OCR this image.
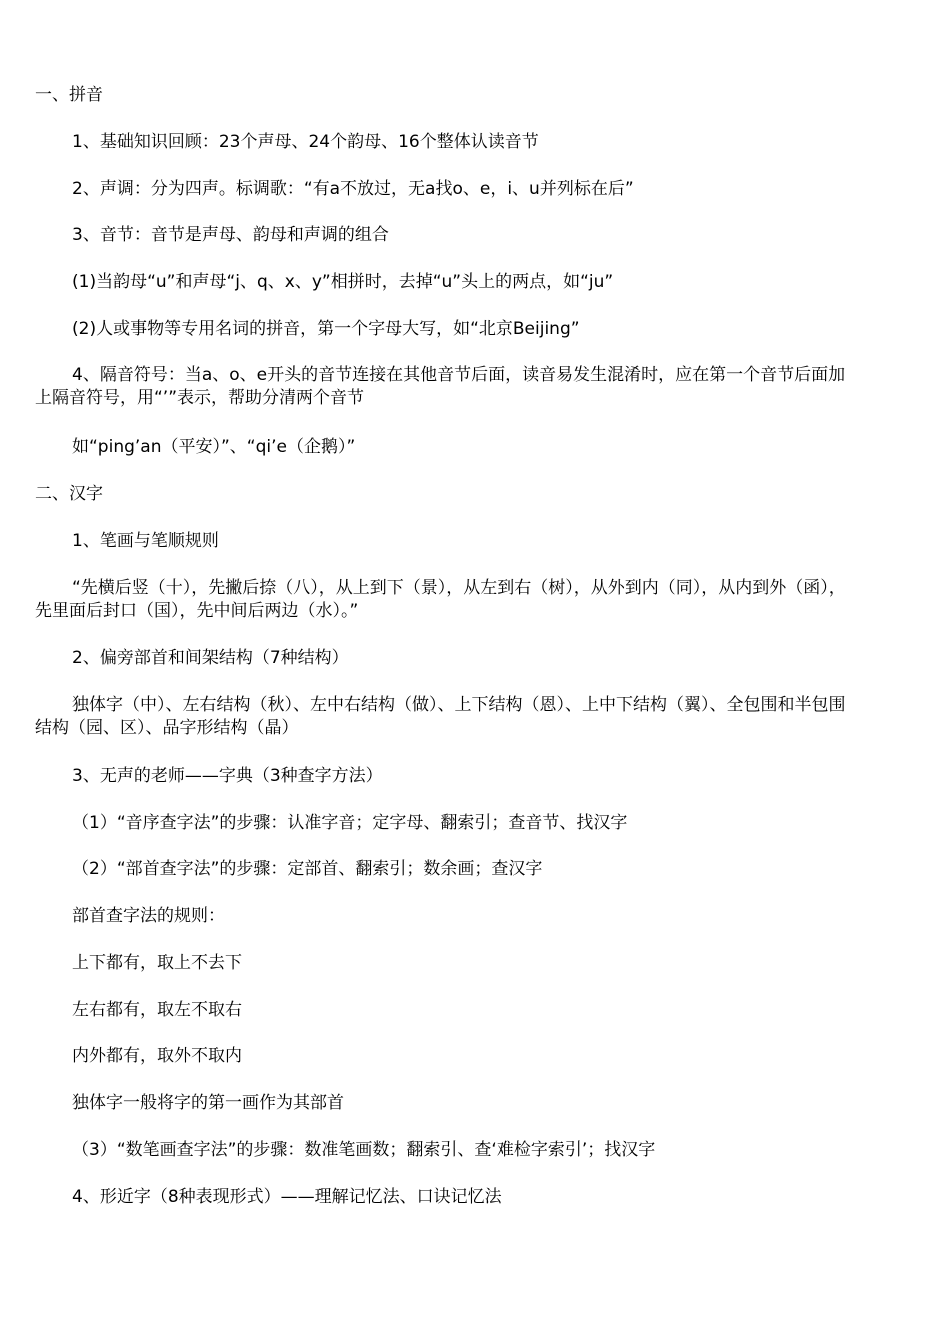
一、拼音
1、基础知识回顾：23个声母、24个韵母、16个整体认读音节
2、声调：分为四声。标调歌：“有a不放过，无a找o、e，i、u并列标在后”
3、音节：音节是声母、韵母和声调的组合
(1)当韵母“u”和声母“j、q、x、y”相拼时，去掉“u”头上的两点，如“ju”
(2)人或事物等专用名词的拼音，第一个字母大写，如“北京Beijing”
4、隔音符号：当a、o、e开头的音节连接在其他音节后面，读音易发生混淆时，应在第一个音节后面加上隔音符号，用“’”表示，帮助分清两个音节
如“ping’an（平安）”、“qi’e（企鹅）”
二、汉字
1、笔画与笔顺规则
“先横后竖（十），先撇后捺（八），从上到下（景），从左到右（树），从外到内（同），从内到外（函），先里面后封口（国），先中间后两边（水）。”
2、偏旁部首和间架结构（7种结构）
独体字（中）、左右结构（秋）、左中右结构（做）、上下结构（恩）、上中下结构（翼）、全包围和半包围结构（园、区）、品字形结构（晶）
3、无声的老师——字典（3种查字方法）
（1）“音序查字法”的步骤：认准字音；定字母、翻索引；查音节、找汉字
（2）“部首查字法”的步骤：定部首、翻索引；数余画；查汉字
部首查字法的规则：
上下都有，取上不去下
左右都有，取左不取右
内外都有，取外不取内
独体字一般将字的第一画作为其部首
（3）“数笔画查字法”的步骤：数准笔画数；翻索引、查‘难检字索引’；找汉字
4、形近字（8种表现形式）——理解记忆法、口诀记忆法
